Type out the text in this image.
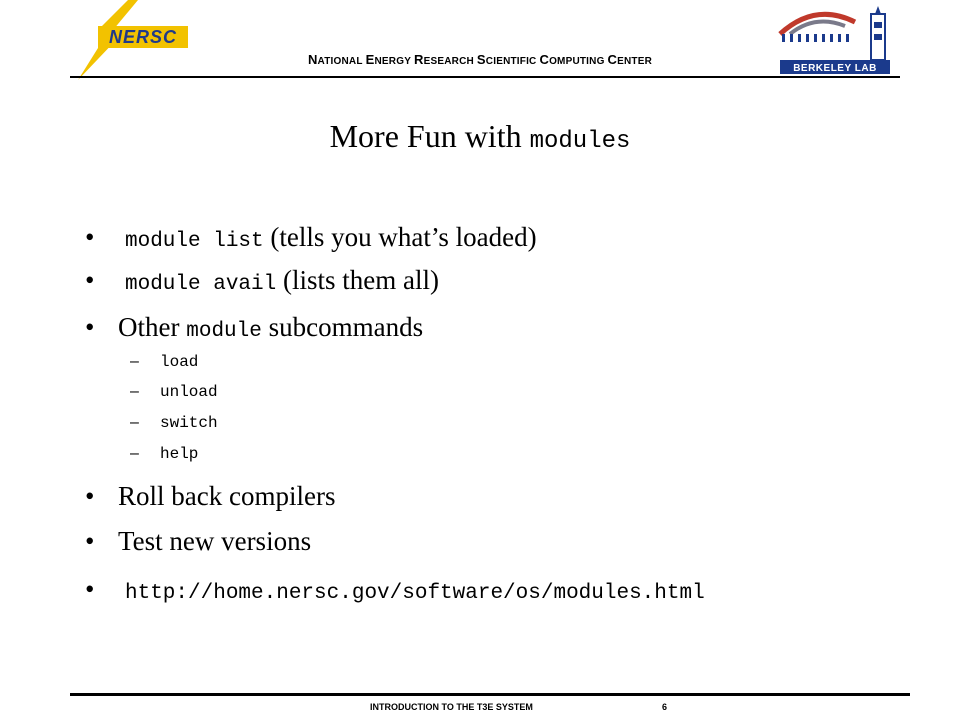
NERSC
BERKELEY LAB
NATIONAL ENERGY RESEARCH SCIENTIFIC COMPUTING CENTER
More Fun with modules
•	module list (tells you what’s loaded)
•	module avail (lists them all)
• Other module subcommands
– load
– unload
– switch
– help
• Roll back compilers
• Test new versions
•	http://home.nersc.gov/software/os/modules.html
INTRODUCTION TO THE T3E SYSTEM	6
